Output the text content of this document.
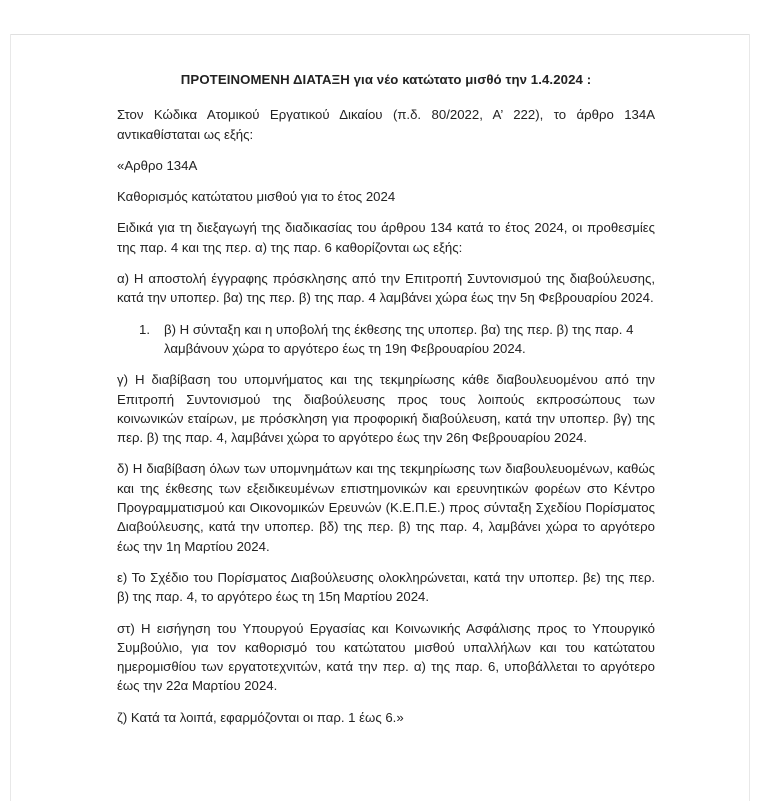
ΠΡΟΤΕΙΝΟΜΕΝΗ ΔΙΑΤΑΞΗ για νέο κατώτατο μισθό την 1.4.2024 :

Στον Κώδικα Ατομικού Εργατικού Δικαίου (π.δ. 80/2022, Α’ 222), το άρθρο 134Α αντικαθίσταται ως εξής:

«Αρθρο 134Α

Καθορισμός κατώτατου μισθού για το έτος 2024

Ειδικά για τη διεξαγωγή της διαδικασίας του άρθρου 134 κατά το έτος 2024, οι προθεσμίες της παρ. 4 και της περ. α) της παρ. 6 καθορίζονται ως εξής:

α) Η αποστολή έγγραφης πρόσκλησης από την Επιτροπή Συντονισμού της διαβούλευσης, κατά την υποπερ. βα) της περ. β) της παρ. 4 λαμβάνει χώρα έως την 5η Φεβρουαρίου 2024.

1.	β) Η σύνταξη και η υποβολή της έκθεσης της υποπερ. βα) της περ. β) της παρ. 4 λαμβάνουν χώρα το αργότερο έως τη 19η Φεβρουαρίου 2024.

γ) Η διαβίβαση του υπομνήματος και της τεκμηρίωσης κάθε διαβουλευομένου από την Επιτροπή Συντονισμού της διαβούλευσης προς τους λοιπούς εκπροσώπους των κοινωνικών εταίρων, με πρόσκληση για προφορική διαβούλευση, κατά την υποπερ. βγ) της περ. β) της παρ. 4, λαμβάνει χώρα το αργότερο έως την 26η Φεβρουαρίου 2024.

δ) Η διαβίβαση όλων των υπομνημάτων και της τεκμηρίωσης των διαβουλευομένων, καθώς και της έκθεσης των εξειδικευμένων επιστημονικών και ερευνητικών φορέων στο Κέντρο Προγραμματισμού και Οικονομικών Ερευνών (Κ.Ε.Π.Ε.) προς σύνταξη Σχεδίου Πορίσματος Διαβούλευσης, κατά την υποπερ. βδ) της περ. β) της παρ. 4, λαμβάνει χώρα το αργότερο έως την 1η Μαρτίου 2024.

ε) Το Σχέδιο του Πορίσματος Διαβούλευσης ολοκληρώνεται, κατά την υποπερ. βε) της περ. β) της παρ. 4, το αργότερο έως τη 15η Μαρτίου 2024.

στ) Η εισήγηση του Υπουργού Εργασίας και Κοινωνικής Ασφάλισης προς το Υπουργικό Συμβούλιο, για τον καθορισμό του κατώτατου μισθού υπαλλήλων και του κατώτατου ημερομισθίου των εργατοτεχνιτών, κατά την περ. α) της παρ. 6, υποβάλλεται το αργότερο έως την 22α Μαρτίου 2024.

ζ) Κατά τα λοιπά, εφαρμόζονται οι παρ. 1 έως 6.»
